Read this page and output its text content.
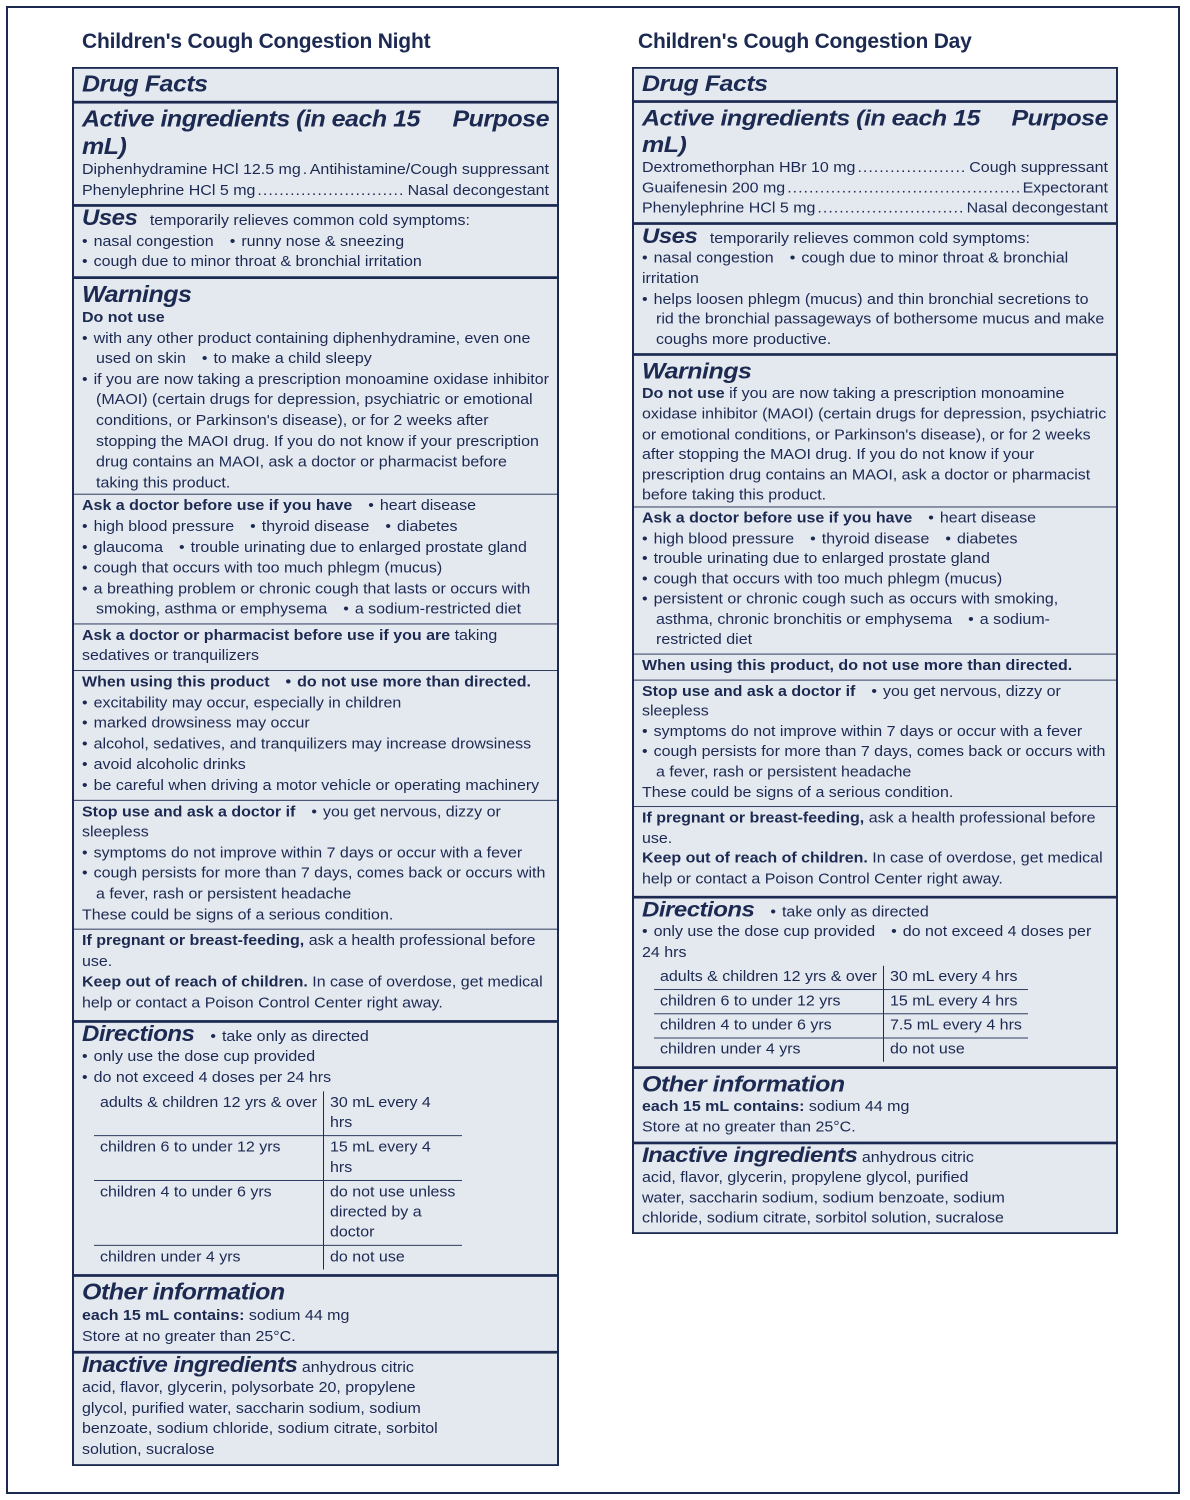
Children's Cough Congestion Night
Drug Facts
Active ingredients (in each 15 mL)
Purpose
Diphenhydramine HCl 12.5 mg ..... Antihistamine/Cough suppressant
Phenylephrine HCl 5 mg .....	Nasal decongestant
Uses temporarily relieves common cold symptoms:
• nasal congestion • runny nose & sneezing
• cough due to minor throat & bronchial irritation
Warnings
Do not use
• with any other product containing diphenhydramine, even one used on skin • to make a child sleepy
• if you are now taking a prescription monoamine oxidase inhibitor (MAOI) (certain drugs for depression, psychiatric or emotional conditions, or Parkinson's disease), or for 2 weeks after stopping the MAOI drug. If you do not know if your prescription drug contains an MAOI, ask a doctor or pharmacist before taking this product.
Ask a doctor before use if you have • heart disease
• high blood pressure • thyroid disease • diabetes
• glaucoma • trouble urinating due to enlarged prostate gland
• cough that occurs with too much phlegm (mucus)
• a breathing problem or chronic cough that lasts or occurs with smoking, asthma or emphysema • a sodium-restricted diet
Ask a doctor or pharmacist before use if you are taking sedatives or tranquilizers
When using this product • do not use more than directed.
• excitability may occur, especially in children
• marked drowsiness may occur
• alcohol, sedatives, and tranquilizers may increase drowsiness
• avoid alcoholic drinks
• be careful when driving a motor vehicle or operating machinery
Stop use and ask a doctor if • you get nervous, dizzy or sleepless
• symptoms do not improve within 7 days or occur with a fever
• cough persists for more than 7 days, comes back or occurs with a fever, rash or persistent headache
These could be signs of a serious condition.
If pregnant or breast-feeding, ask a health professional before use.
Keep out of reach of children. In case of overdose, get medical help or contact a Poison Control Center right away.
Directions • take only as directed
• only use the dose cup provided
• do not exceed 4 doses per 24 hrs
adults & children 12 yrs & over	30 mL every 4 hrs
children 6 to under 12 yrs	15 mL every 4 hrs
children 4 to under 6 yrs	do not use unless directed by a doctor
children under 4 yrs	do not use
Other information
each 15 mL contains: sodium 44 mg
Store at no greater than 25°C.
Inactive ingredients anhydrous citric acid, flavor, glycerin, polysorbate 20, propylene glycol, purified water, saccharin sodium, sodium benzoate, sodium chloride, sodium citrate, sorbitol solution, sucralose
Children's Cough Congestion Day
Drug Facts
Active ingredients (in each 15 mL)
Purpose
Dextromethorphan HBr 10 mg .....	Cough suppressant
Guaifenesin 200 mg .....	Expectorant
Phenylephrine HCl 5 mg .....	Nasal decongestant
Uses temporarily relieves common cold symptoms:
• nasal congestion • cough due to minor throat & bronchial irritation
• helps loosen phlegm (mucus) and thin bronchial secretions to rid the bronchial passageways of bothersome mucus and make coughs more productive.
Warnings
Do not use if you are now taking a prescription monoamine oxidase inhibitor (MAOI) (certain drugs for depression, psychiatric or emotional conditions, or Parkinson's disease), or for 2 weeks after stopping the MAOI drug. If you do not know if your prescription drug contains an MAOI, ask a doctor or pharmacist before taking this product.
Ask a doctor before use if you have • heart disease
• high blood pressure • thyroid disease • diabetes
• trouble urinating due to enlarged prostate gland
• cough that occurs with too much phlegm (mucus)
• persistent or chronic cough such as occurs with smoking, asthma, chronic bronchitis or emphysema • a sodium-restricted diet
When using this product, do not use more than directed.
Stop use and ask a doctor if • you get nervous, dizzy or sleepless
• symptoms do not improve within 7 days or occur with a fever
• cough persists for more than 7 days, comes back or occurs with a fever, rash or persistent headache
These could be signs of a serious condition.
If pregnant or breast-feeding, ask a health professional before use.
Keep out of reach of children. In case of overdose, get medical help or contact a Poison Control Center right away.
Directions • take only as directed
• only use the dose cup provided • do not exceed 4 doses per 24 hrs
adults & children 12 yrs & over	30 mL every 4 hrs
children 6 to under 12 yrs	15 mL every 4 hrs
children 4 to under 6 yrs	7.5 mL every 4 hrs
children under 4 yrs	do not use
Other information
each 15 mL contains: sodium 44 mg
Store at no greater than 25°C.
Inactive ingredients anhydrous citric acid, flavor, glycerin, propylene glycol, purified water, saccharin sodium, sodium benzoate, sodium chloride, sodium citrate, sorbitol solution, sucralose
